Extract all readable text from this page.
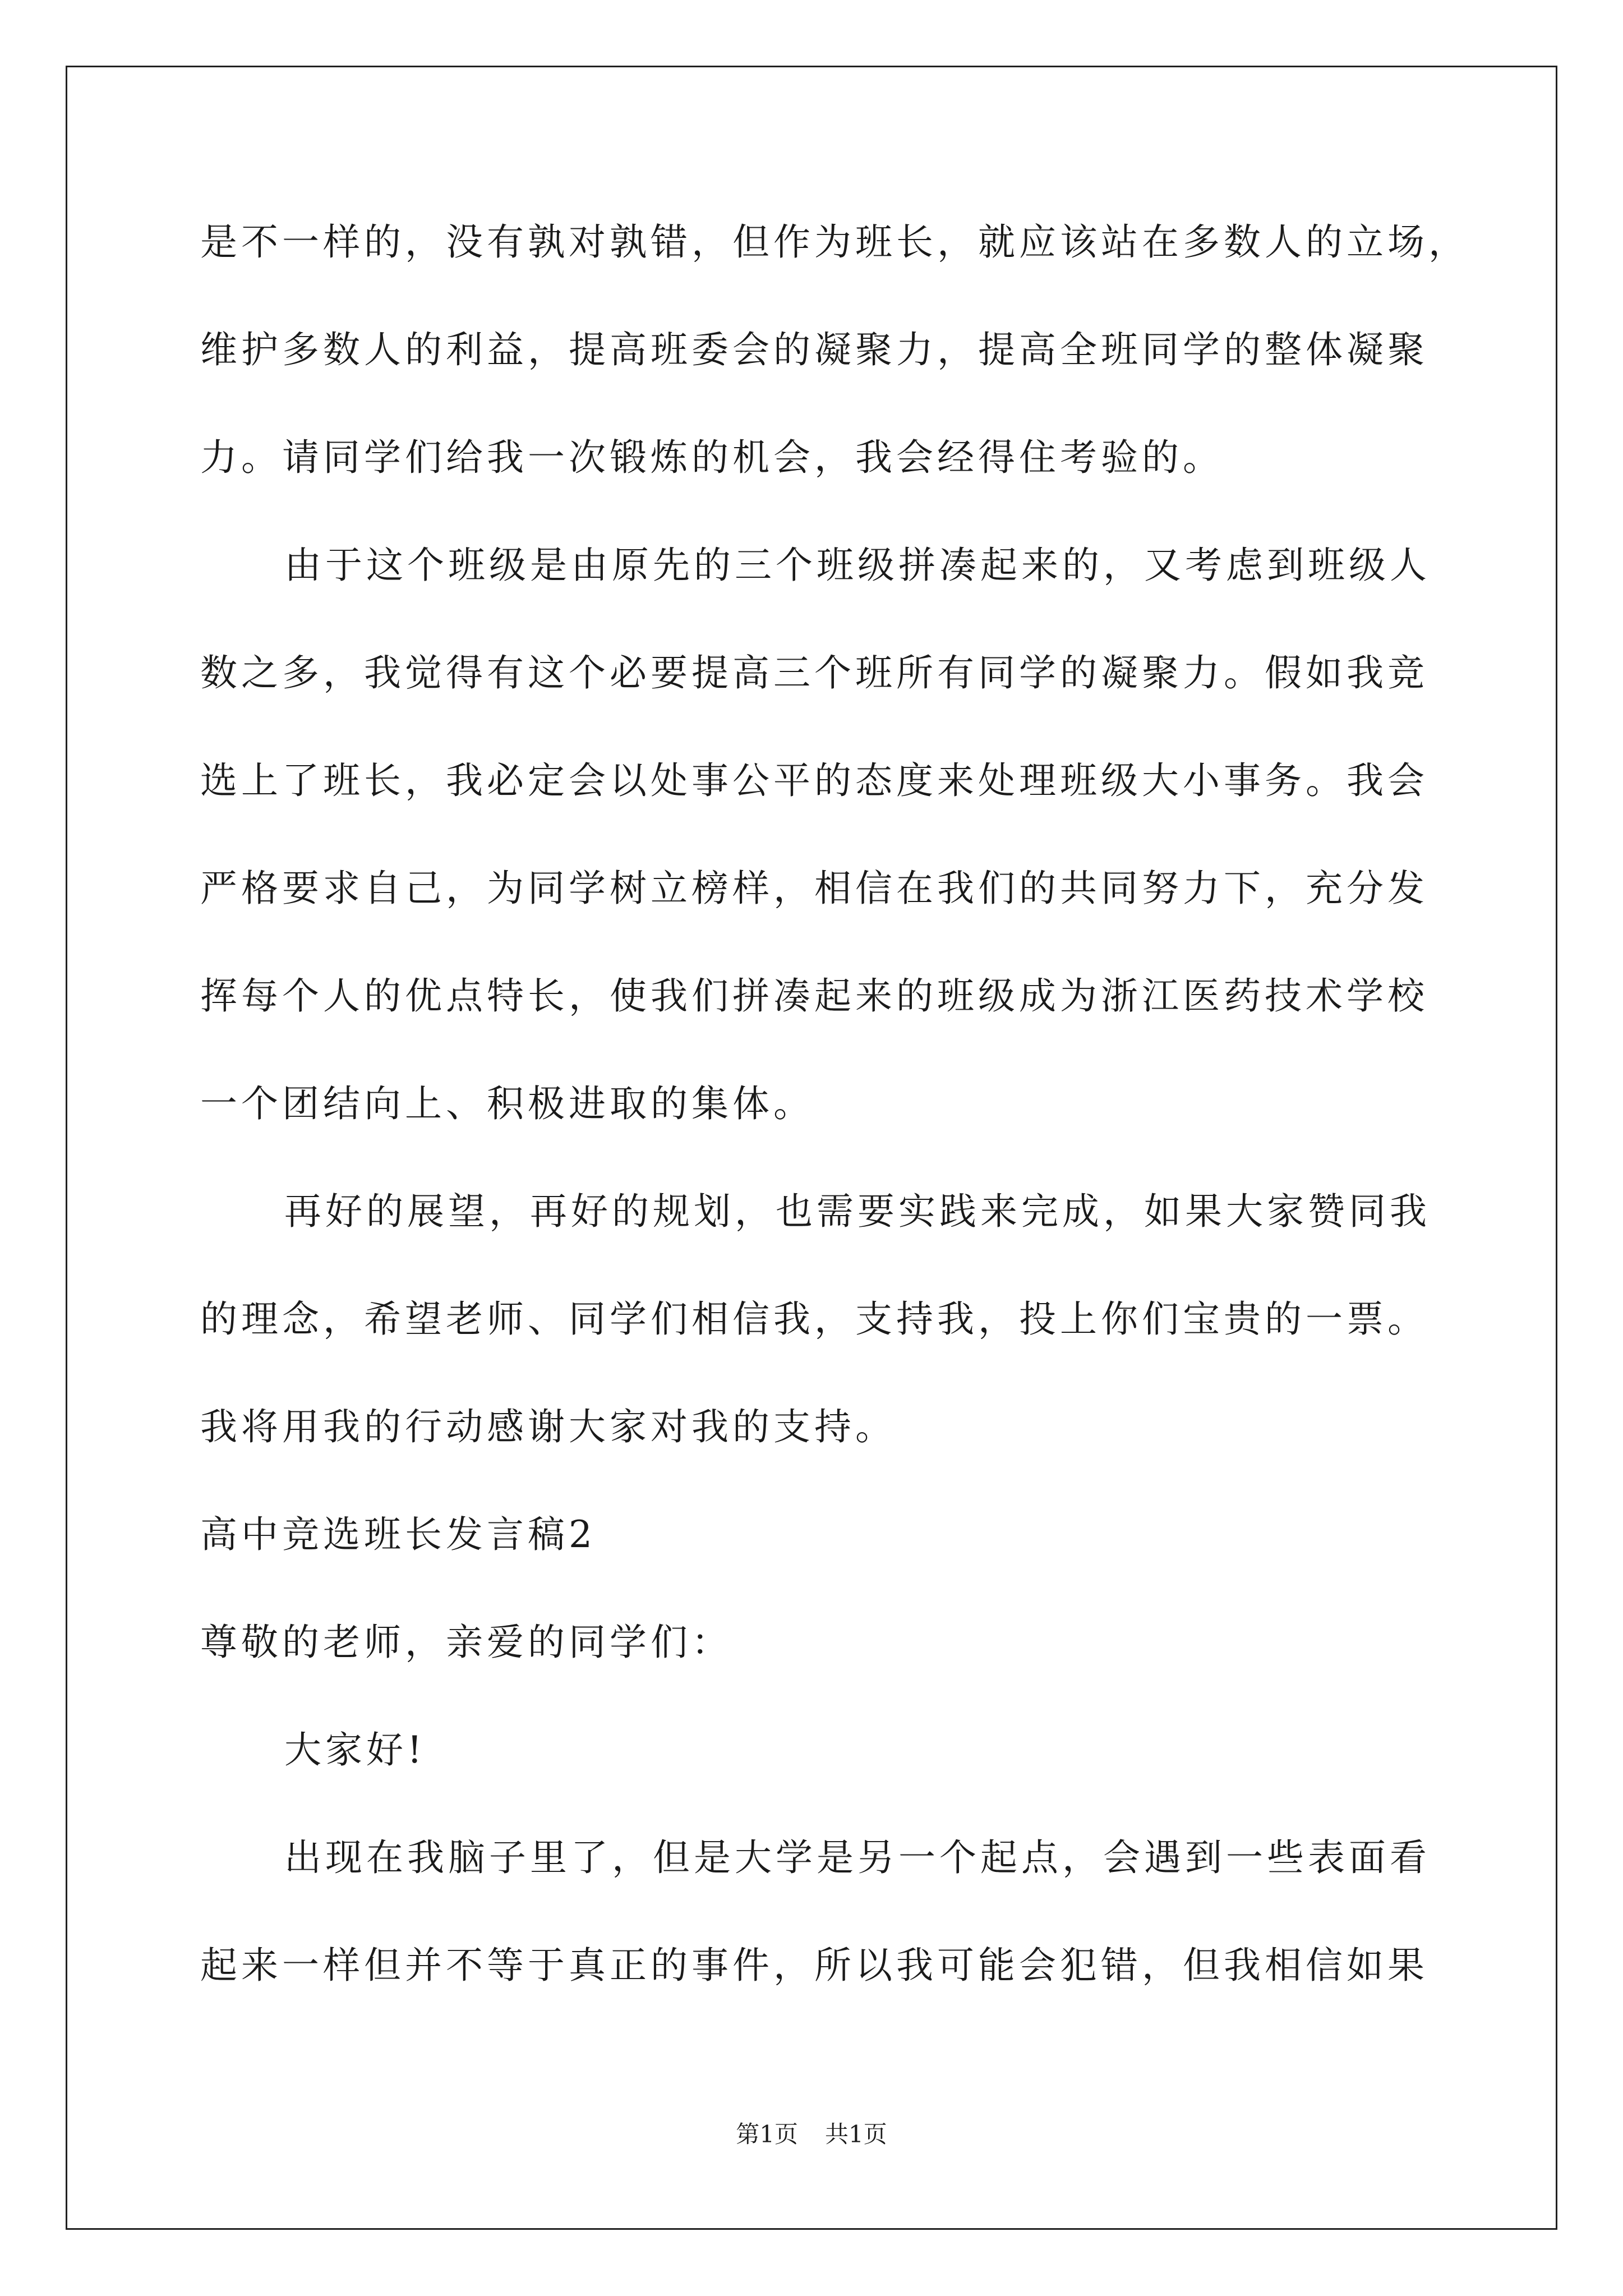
是不一样的，没有孰对孰错，但作为班长，就应该站在多数人的立场，
维护多数人的利益，提高班委会的凝聚力，提高全班同学的整体凝聚
力。请同学们给我一次锻炼的机会，我会经得住考验的。
由于这个班级是由原先的三个班级拼凑起来的，又考虑到班级人
数之多，我觉得有这个必要提高三个班所有同学的凝聚力。假如我竞
选上了班长，我必定会以处事公平的态度来处理班级大小事务。我会
严格要求自己，为同学树立榜样，相信在我们的共同努力下，充分发
挥每个人的优点特长，使我们拼凑起来的班级成为浙江医药技术学校
一个团结向上、积极进取的集体。
再好的展望，再好的规划，也需要实践来完成，如果大家赞同我
的理念，希望老师、同学们相信我，支持我，投上你们宝贵的一票。
我将用我的行动感谢大家对我的支持。
高中竞选班长发言稿2
尊敬的老师，亲爱的同学们：
大家好!
出现在我脑子里了，但是大学是另一个起点，会遇到一些表面看
起来一样但并不等于真正的事件，所以我可能会犯错，但我相信如果
第1页 共1页
